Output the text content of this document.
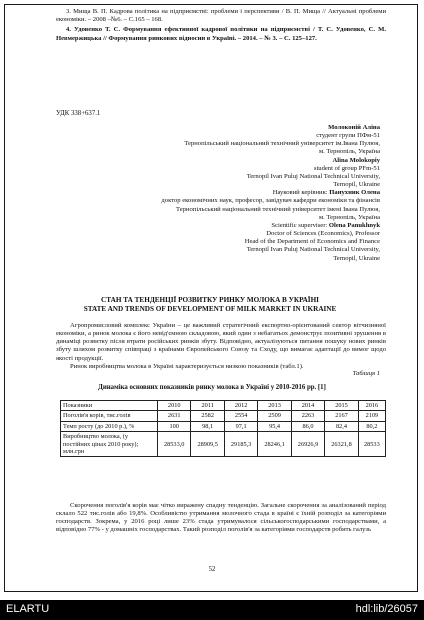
3. Мища В. П. Кадрова політика на підприємстві: проблеми і перспективи / В. П. Мища // Актуальні проблеми економіки. – 2008 –№6. – С.165 – 168.

4. Удовенко Т. С. Формування ефективної кадрової політики на підприємстві / Т. С. Удовенко, С. М. Невмержицька // Формування ринкових відносин в Україні. – 2014. – № 3. – С. 125–127.

УДК 338+637.1
Молоконій Аліна
студент групи ПФм-51
Тернопільський національний технічний університет ім.Івана Пулюя,
м. Тернопіль, Україна
Alina Molokopiy
student of group PFm-51
Ternopil Ivan Puluj National Technical University,
Ternopil, Ukraine
Науковий керівник: Панухник Олена
доктор економічних наук, професор, завідувач кафедри економіки та фінансів
Тернопільський національний технічний університет імені Івана Пулюя,
м. Тернопіль, Україна
Scientific superviser: Olena Panukhnyk
Doctor of Sciences (Economics), Professor
Head of the Department of Economics and Finance
Ternopil Ivan Puluj National Technical University,
Ternopil, Ukraine
СТАН ТА ТЕНДЕНЦІЇ РОЗВИТКУ РИНКУ МОЛОКА В УКРАЇНІ
STATE AND TRENDS OF DEVELOPMENT OF MILK MARKET IN UKRAINE

Агропромисловий комплекс України – це важливий стратегічний експортно-орієнтований сектор вітчизняної економіки, а ринок молока є його невід'ємною складовою, який один з небагатьох демонструє позитивні зрушення в динаміці розвитку після втрати російських ринків збуту. Відповідно, актуалізуються питання пошуку нових ринків збуту шляхом розвитку співпраці з країнами Європейського Союзу та Сходу, що вимагає адаптації до вимог щодо якості продукції.

Ринок виробництва молока в Україні характеризується низкою показників (табл.1).

Таблиця 1
Динаміка основних показників ринку молока в Україні у 2010-2016 рр. [1]
Показники	2010	2011	2012	2013	2014	2015	2016
Поголів'я корів, тис.голів	2631	2582	2554	2509	2263	2167	2109
Темп росту (до 2010 р.), %	100	98,1	97,1	95,4	86,0	82,4	80,2
Виробництво молока, (у постійних цінах 2010 року); млн.грн	28533,0	28909,5	29185,3	28246,1	26926,9	26321,8	28533

Скорочення поголів'я корів має чітко виражену спадну тенденцію. Загальне скорочення за аналізований період склало 522 тис.голів або 19,8%. Особливістю утримання молочного стада в країні є їхній розподіл за категоріями господарств. Зокрема, у 2016 році лише 23% стада утримувалося сільськогосподарськими господарствами, а відповідно 77% - у домашніх господарствах. Такий розподіл поголів'я за категоріями господарств робить галузь

52
ELARTU	hdl:lib/26057
